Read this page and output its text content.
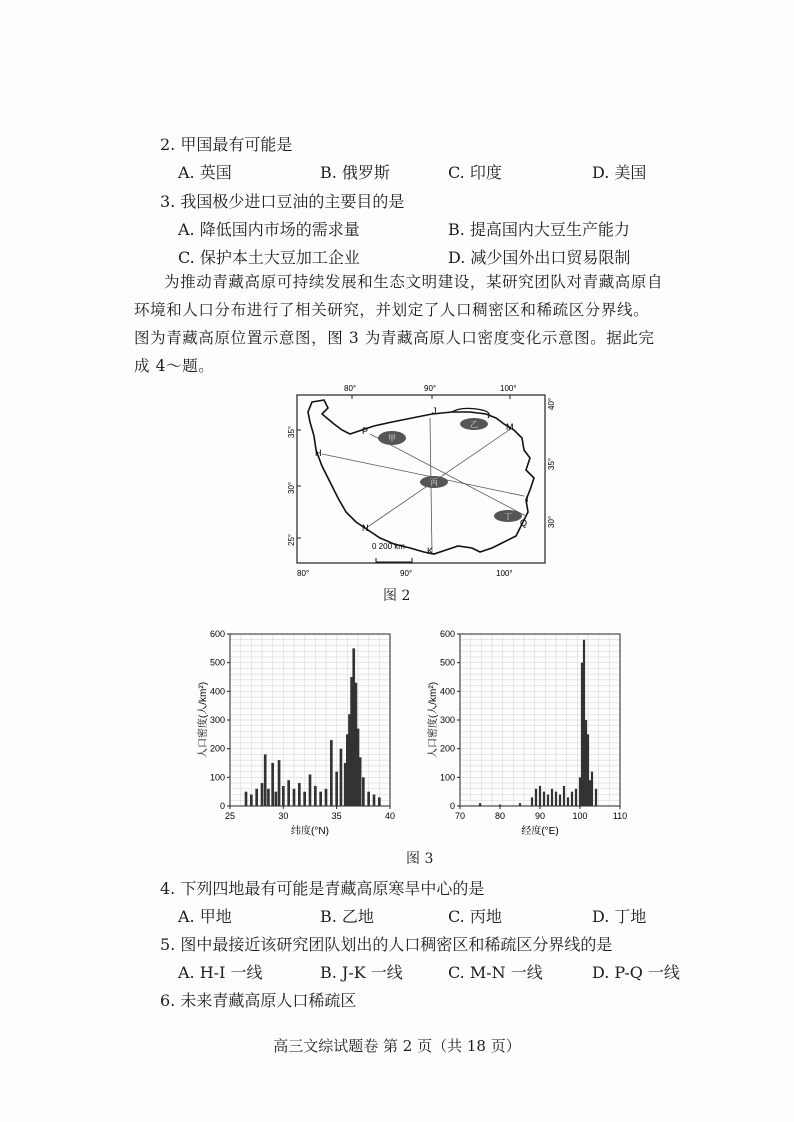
2. 甲国最有可能是
A. 英国	B. 俄罗斯	C. 印度	D. 美国
3. 我国极少进口豆油的主要目的是
A. 降低国内市场的需求量	B. 提高国内大豆生产能力
C. 保护本土大豆加工企业	D. 减少国外出口贸易限制
为推动青藏高原可持续发展和生态文明建设，某研究团队对青藏高原自环境和人口分布进行了相关研究，并划定了人口稠密区和稀疏区分界线。图为青藏高原位置示意图，图 3 为青藏高原人口密度变化示意图。据此完成 4～题。
80°	90°	100°
80°	90°	100°
35°
30°
25°
40°
35°
30°
甲
乙
丙
丁
P
J
M
H
I
N
K
Q
0 200 km
图 2
0
100
200
300
400
500
600
25	30	35	40
纬度(°N)
人口密度(人/km²)
0
100
200
300
400
500
600
70	80	90	100	110
经度(°E)
人口密度(人/km²)
图 3
4. 下列四地最有可能是青藏高原寒旱中心的是
A. 甲地	B. 乙地	C. 丙地	D. 丁地
5. 图中最接近该研究团队划出的人口稠密区和稀疏区分界线的是
A. H-I 一线	B. J-K 一线	C. M-N 一线	D. P-Q 一线
6. 未来青藏高原人口稀疏区
高三文综试题卷 第 2 页（共 18 页）
